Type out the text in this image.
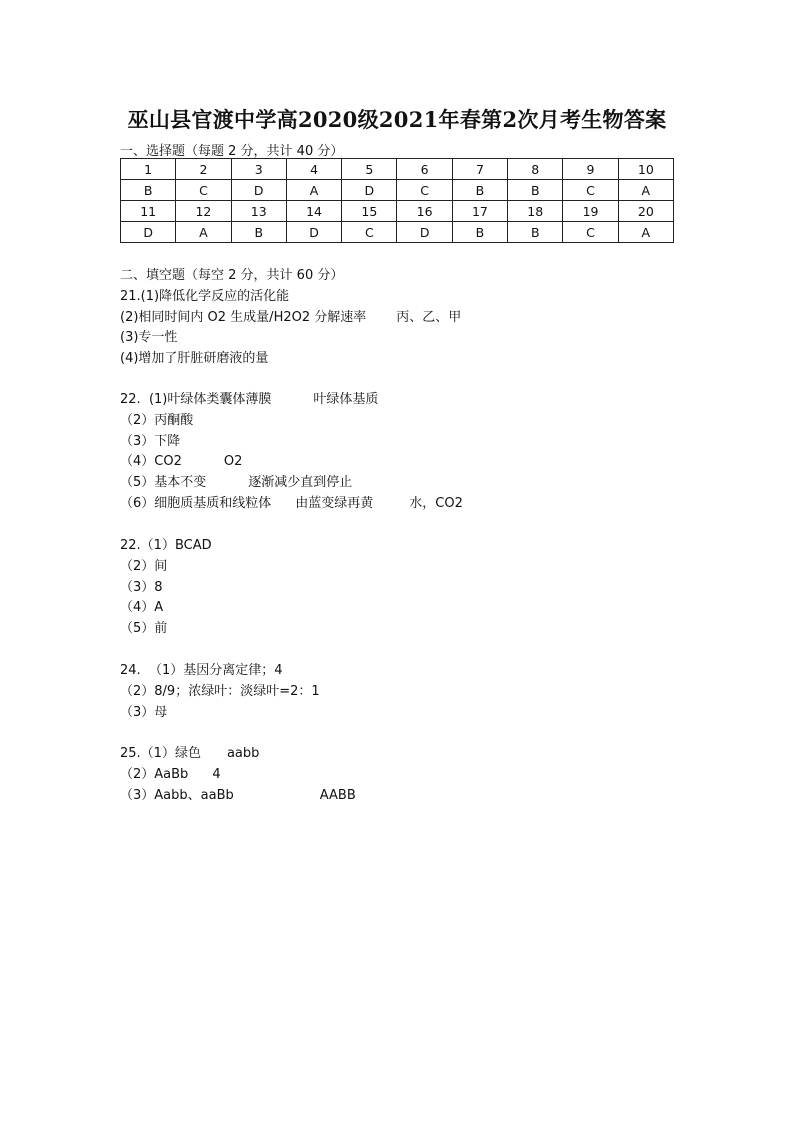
巫山县官渡中学高2020级2021年春第2次月考生物答案
一、选择题（每题 2 分，共计 40 分）
1	2	3	4	5	6	7	8	9	10
B	C	D	A	D	C	B	B	C	A
11	12	13	14	15	16	17	18	19	20
D	A	B	D	C	D	B	B	C	A
二、填空题（每空 2 分，共计 60 分）
21.(1)降低化学反应的活化能
(2)相同时间内 O2 生成量/H2O2 分解速率 丙、乙、甲
(3)专一性
(4)增加了肝脏研磨液的量
22.  (1)叶绿体类囊体薄膜	叶绿体基质
（2）丙酮酸
（3）下降
（4）CO2	O2
（5）基本不变	逐渐减少直到停止
（6）细胞质基质和线粒体 由蓝变绿再黄	水，CO2
22.（1）BCAD
（2）间
（3）8
（4）A
（5）前
24.  （1）基因分离定律；4
（2）8/9；浓绿叶：淡绿叶=2：1
（3）母
25.（1）绿色 aabb
（2）AaBb 4
（3）Aabb、aaBb	AABB
